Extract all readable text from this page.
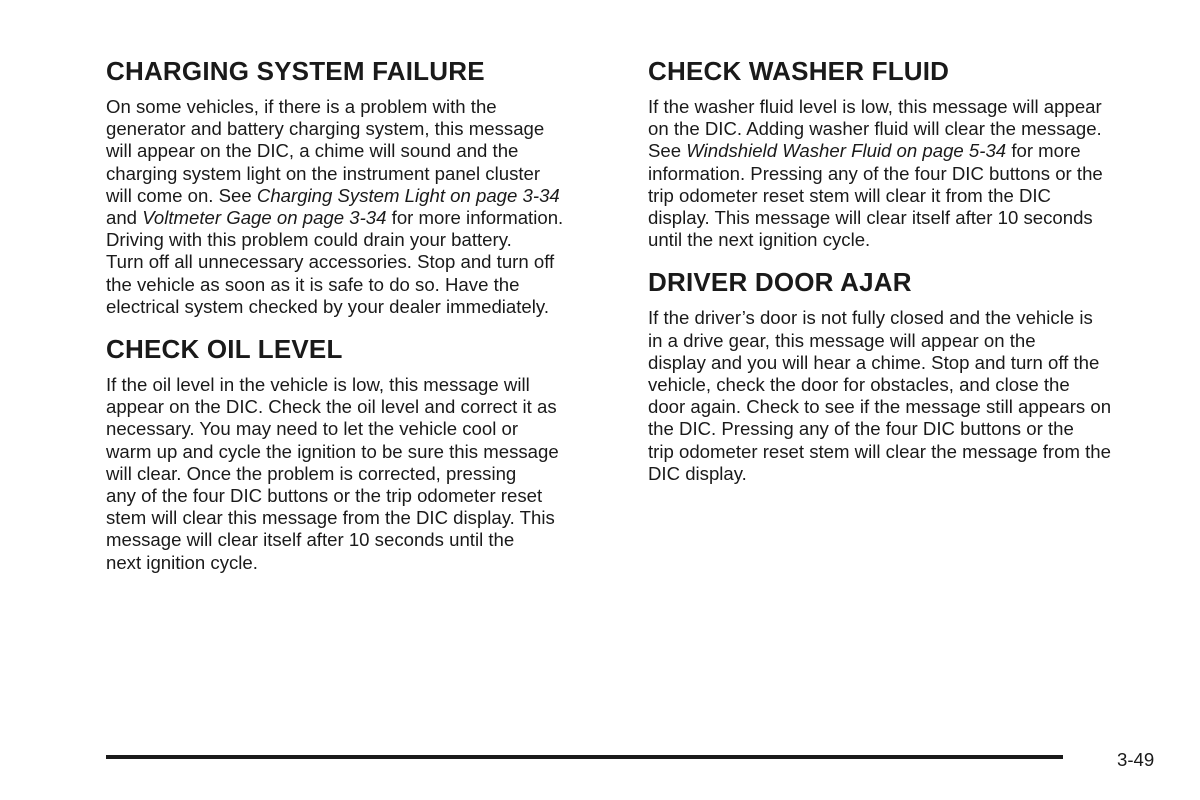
CHARGING SYSTEM FAILURE

On some vehicles, if there is a problem with the
generator and battery charging system, this message
will appear on the DIC, a chime will sound and the
charging system light on the instrument panel cluster
will come on. See Charging System Light on page 3-34
and Voltmeter Gage on page 3-34 for more information.
Driving with this problem could drain your battery.
Turn off all unnecessary accessories. Stop and turn off
the vehicle as soon as it is safe to do so. Have the
electrical system checked by your dealer immediately.

CHECK OIL LEVEL

If the oil level in the vehicle is low, this message will
appear on the DIC. Check the oil level and correct it as
necessary. You may need to let the vehicle cool or
warm up and cycle the ignition to be sure this message
will clear. Once the problem is corrected, pressing
any of the four DIC buttons or the trip odometer reset
stem will clear this message from the DIC display. This
message will clear itself after 10 seconds until the
next ignition cycle.

CHECK WASHER FLUID

If the washer fluid level is low, this message will appear
on the DIC. Adding washer fluid will clear the message.
See Windshield Washer Fluid on page 5-34 for more
information. Pressing any of the four DIC buttons or the
trip odometer reset stem will clear it from the DIC
display. This message will clear itself after 10 seconds
until the next ignition cycle.

DRIVER DOOR AJAR

If the driver’s door is not fully closed and the vehicle is
in a drive gear, this message will appear on the
display and you will hear a chime. Stop and turn off the
vehicle, check the door for obstacles, and close the
door again. Check to see if the message still appears on
the DIC. Pressing any of the four DIC buttons or the
trip odometer reset stem will clear the message from the
DIC display.

3-49
